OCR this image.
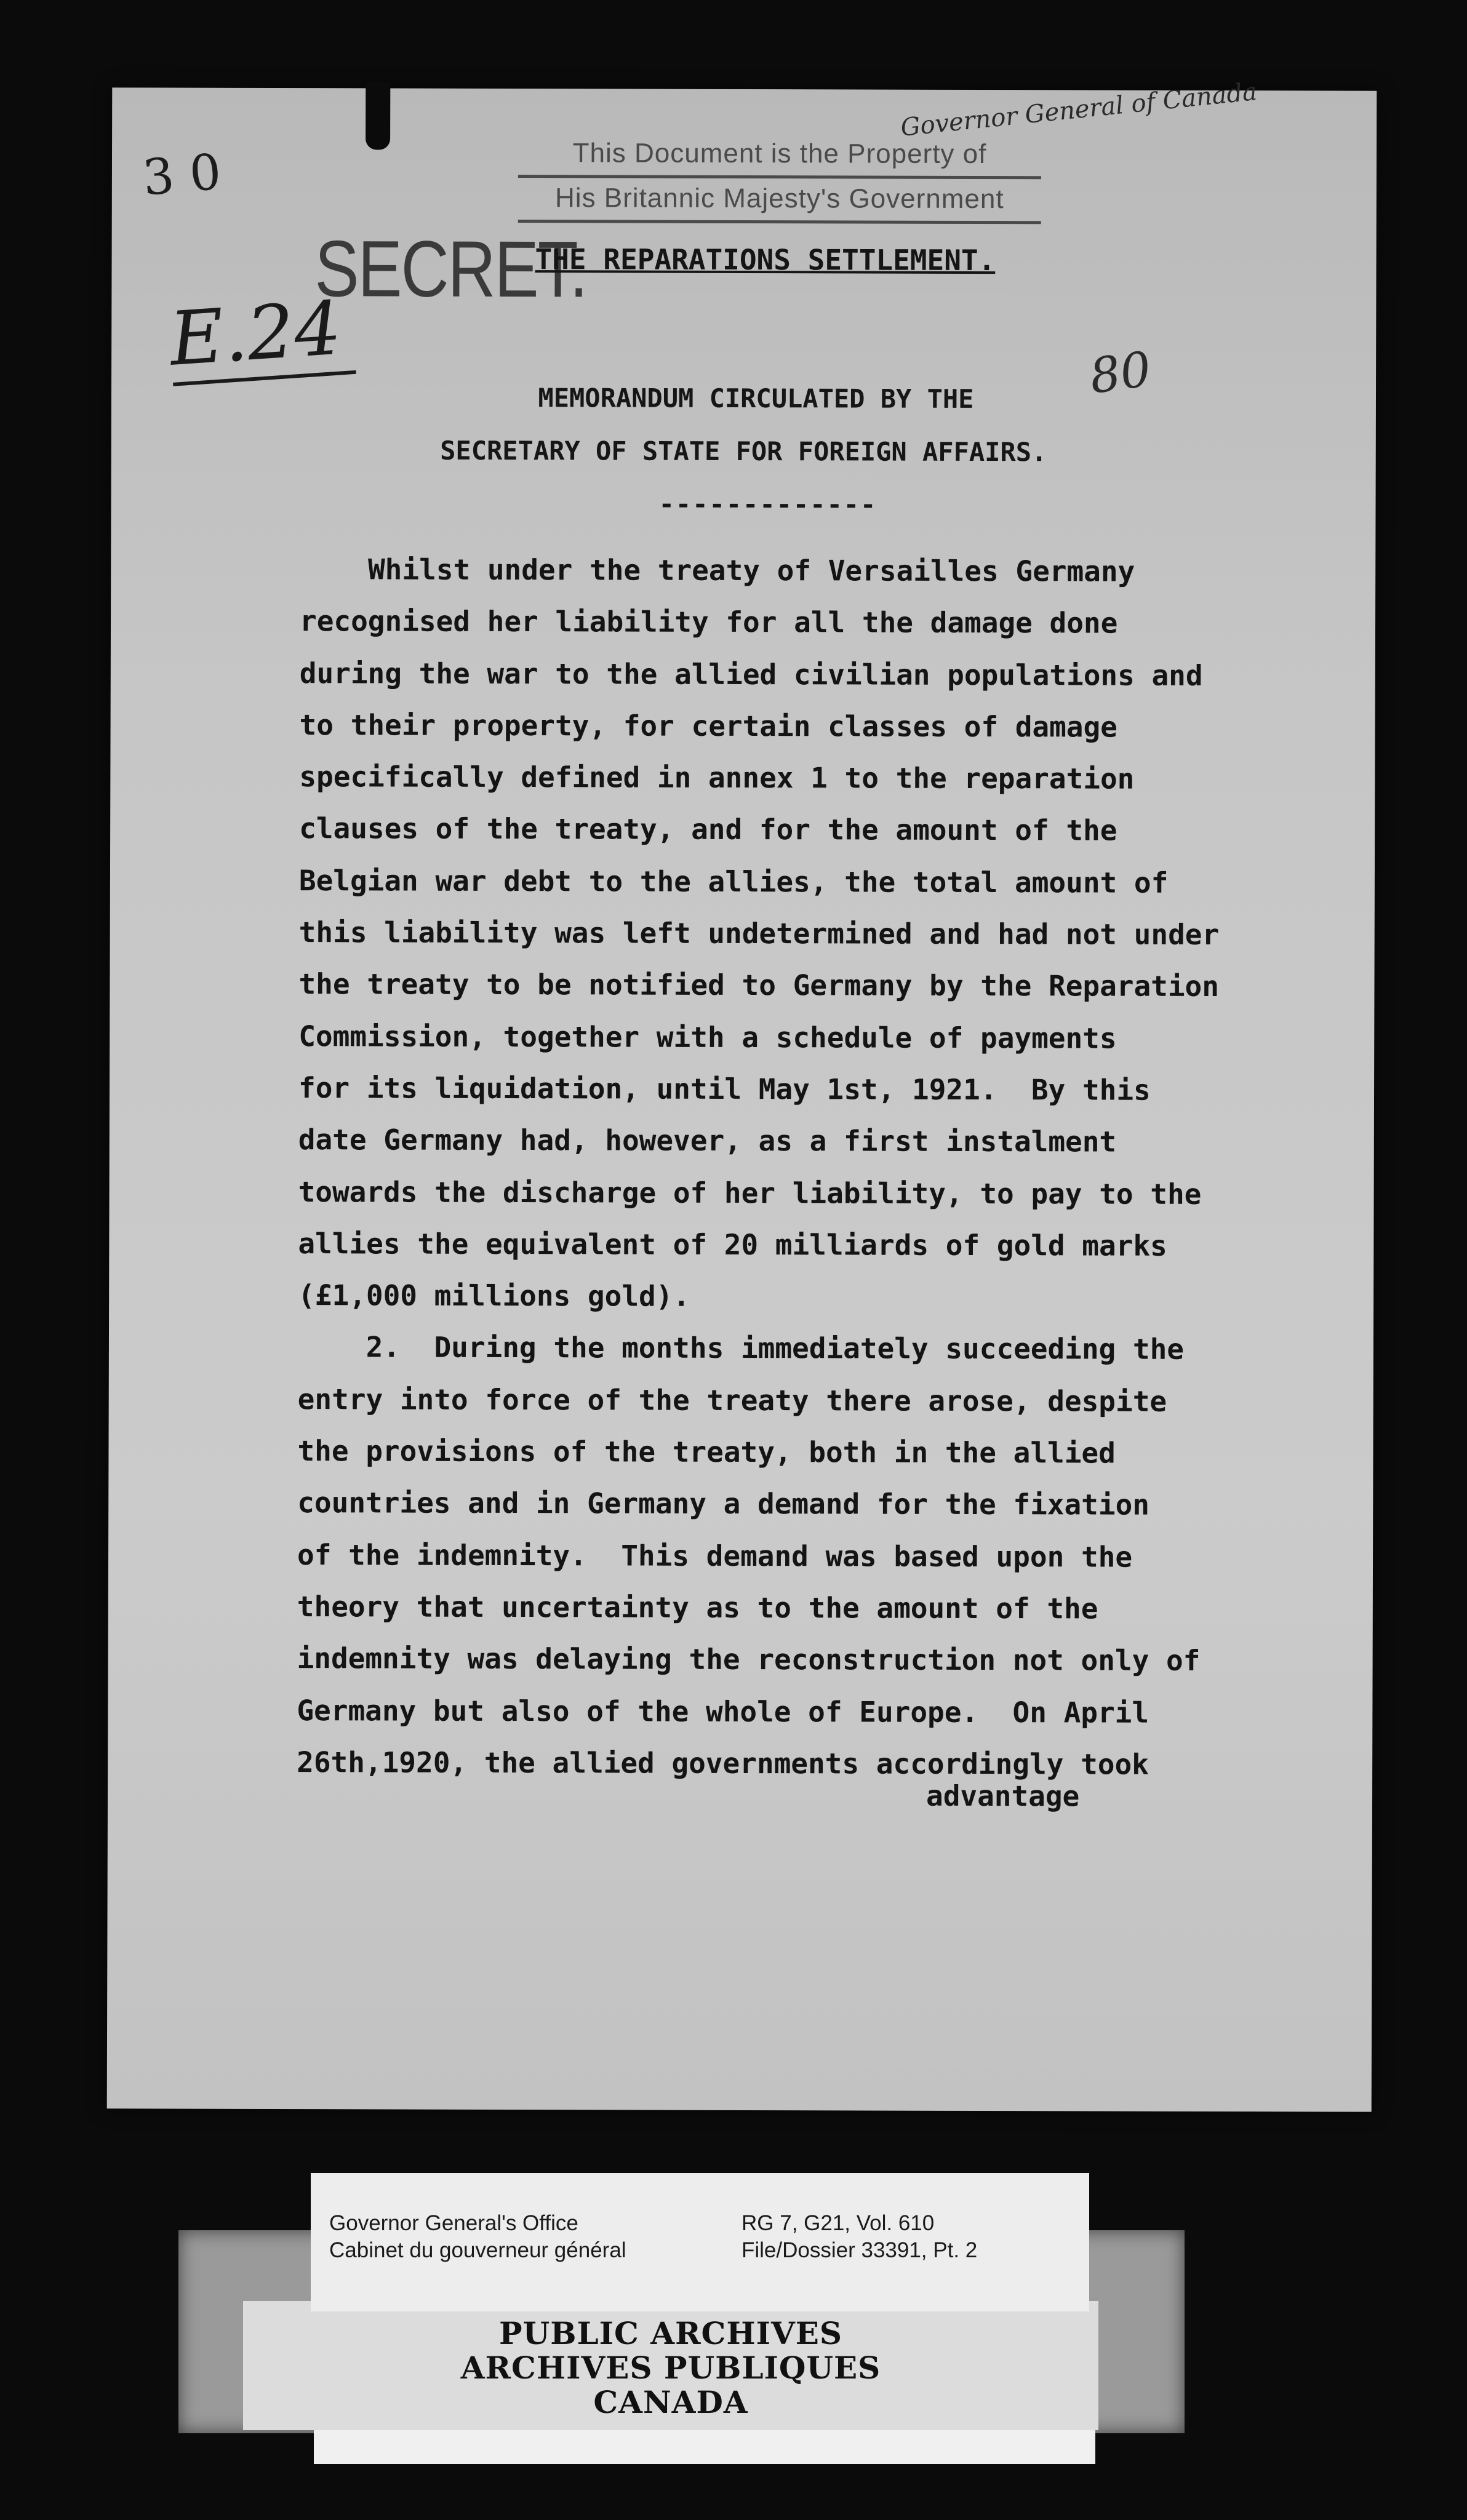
Governor General of Canada
This Document is the Property of
His Britannic Majesty's Government
3 0
SECRET.
THE REPARATIONS SETTLEMENT.
E.24	80
MEMORANDUM CIRCULATED BY THE
SECRETARY OF STATE FOR FOREIGN AFFAIRS.
-------------
Whilst under the treaty of Versailles Germany
recognised her liability for all the damage done
during the war to the allied civilian populations and
to their property, for certain classes of damage
specifically defined in annex 1 to the reparation
clauses of the treaty, and for the amount of the
Belgian war debt to the allies, the total amount of
this liability was left undetermined and had not under
the treaty to be notified to Germany by the Reparation
Commission, together with a schedule of payments
for its liquidation, until May 1st, 1921.  By this
date Germany had, however, as a first instalment
towards the discharge of her liability, to pay to the
allies the equivalent of 20 milliards of gold marks
(£1,000 millions gold).
2.  During the months immediately succeeding the
entry into force of the treaty there arose, despite
the provisions of the treaty, both in the allied
countries and in Germany a demand for the fixation
of the indemnity.  This demand was based upon the
theory that uncertainty as to the amount of the
indemnity was delaying the reconstruction not only of
Germany but also of the whole of Europe.  On April
26th,1920, the allied governments accordingly took
advantage
Governor General's Office
Cabinet du gouverneur général
RG 7, G21, Vol. 610
File/Dossier 33391, Pt. 2
PUBLIC ARCHIVES
ARCHIVES PUBLIQUES
CANADA
